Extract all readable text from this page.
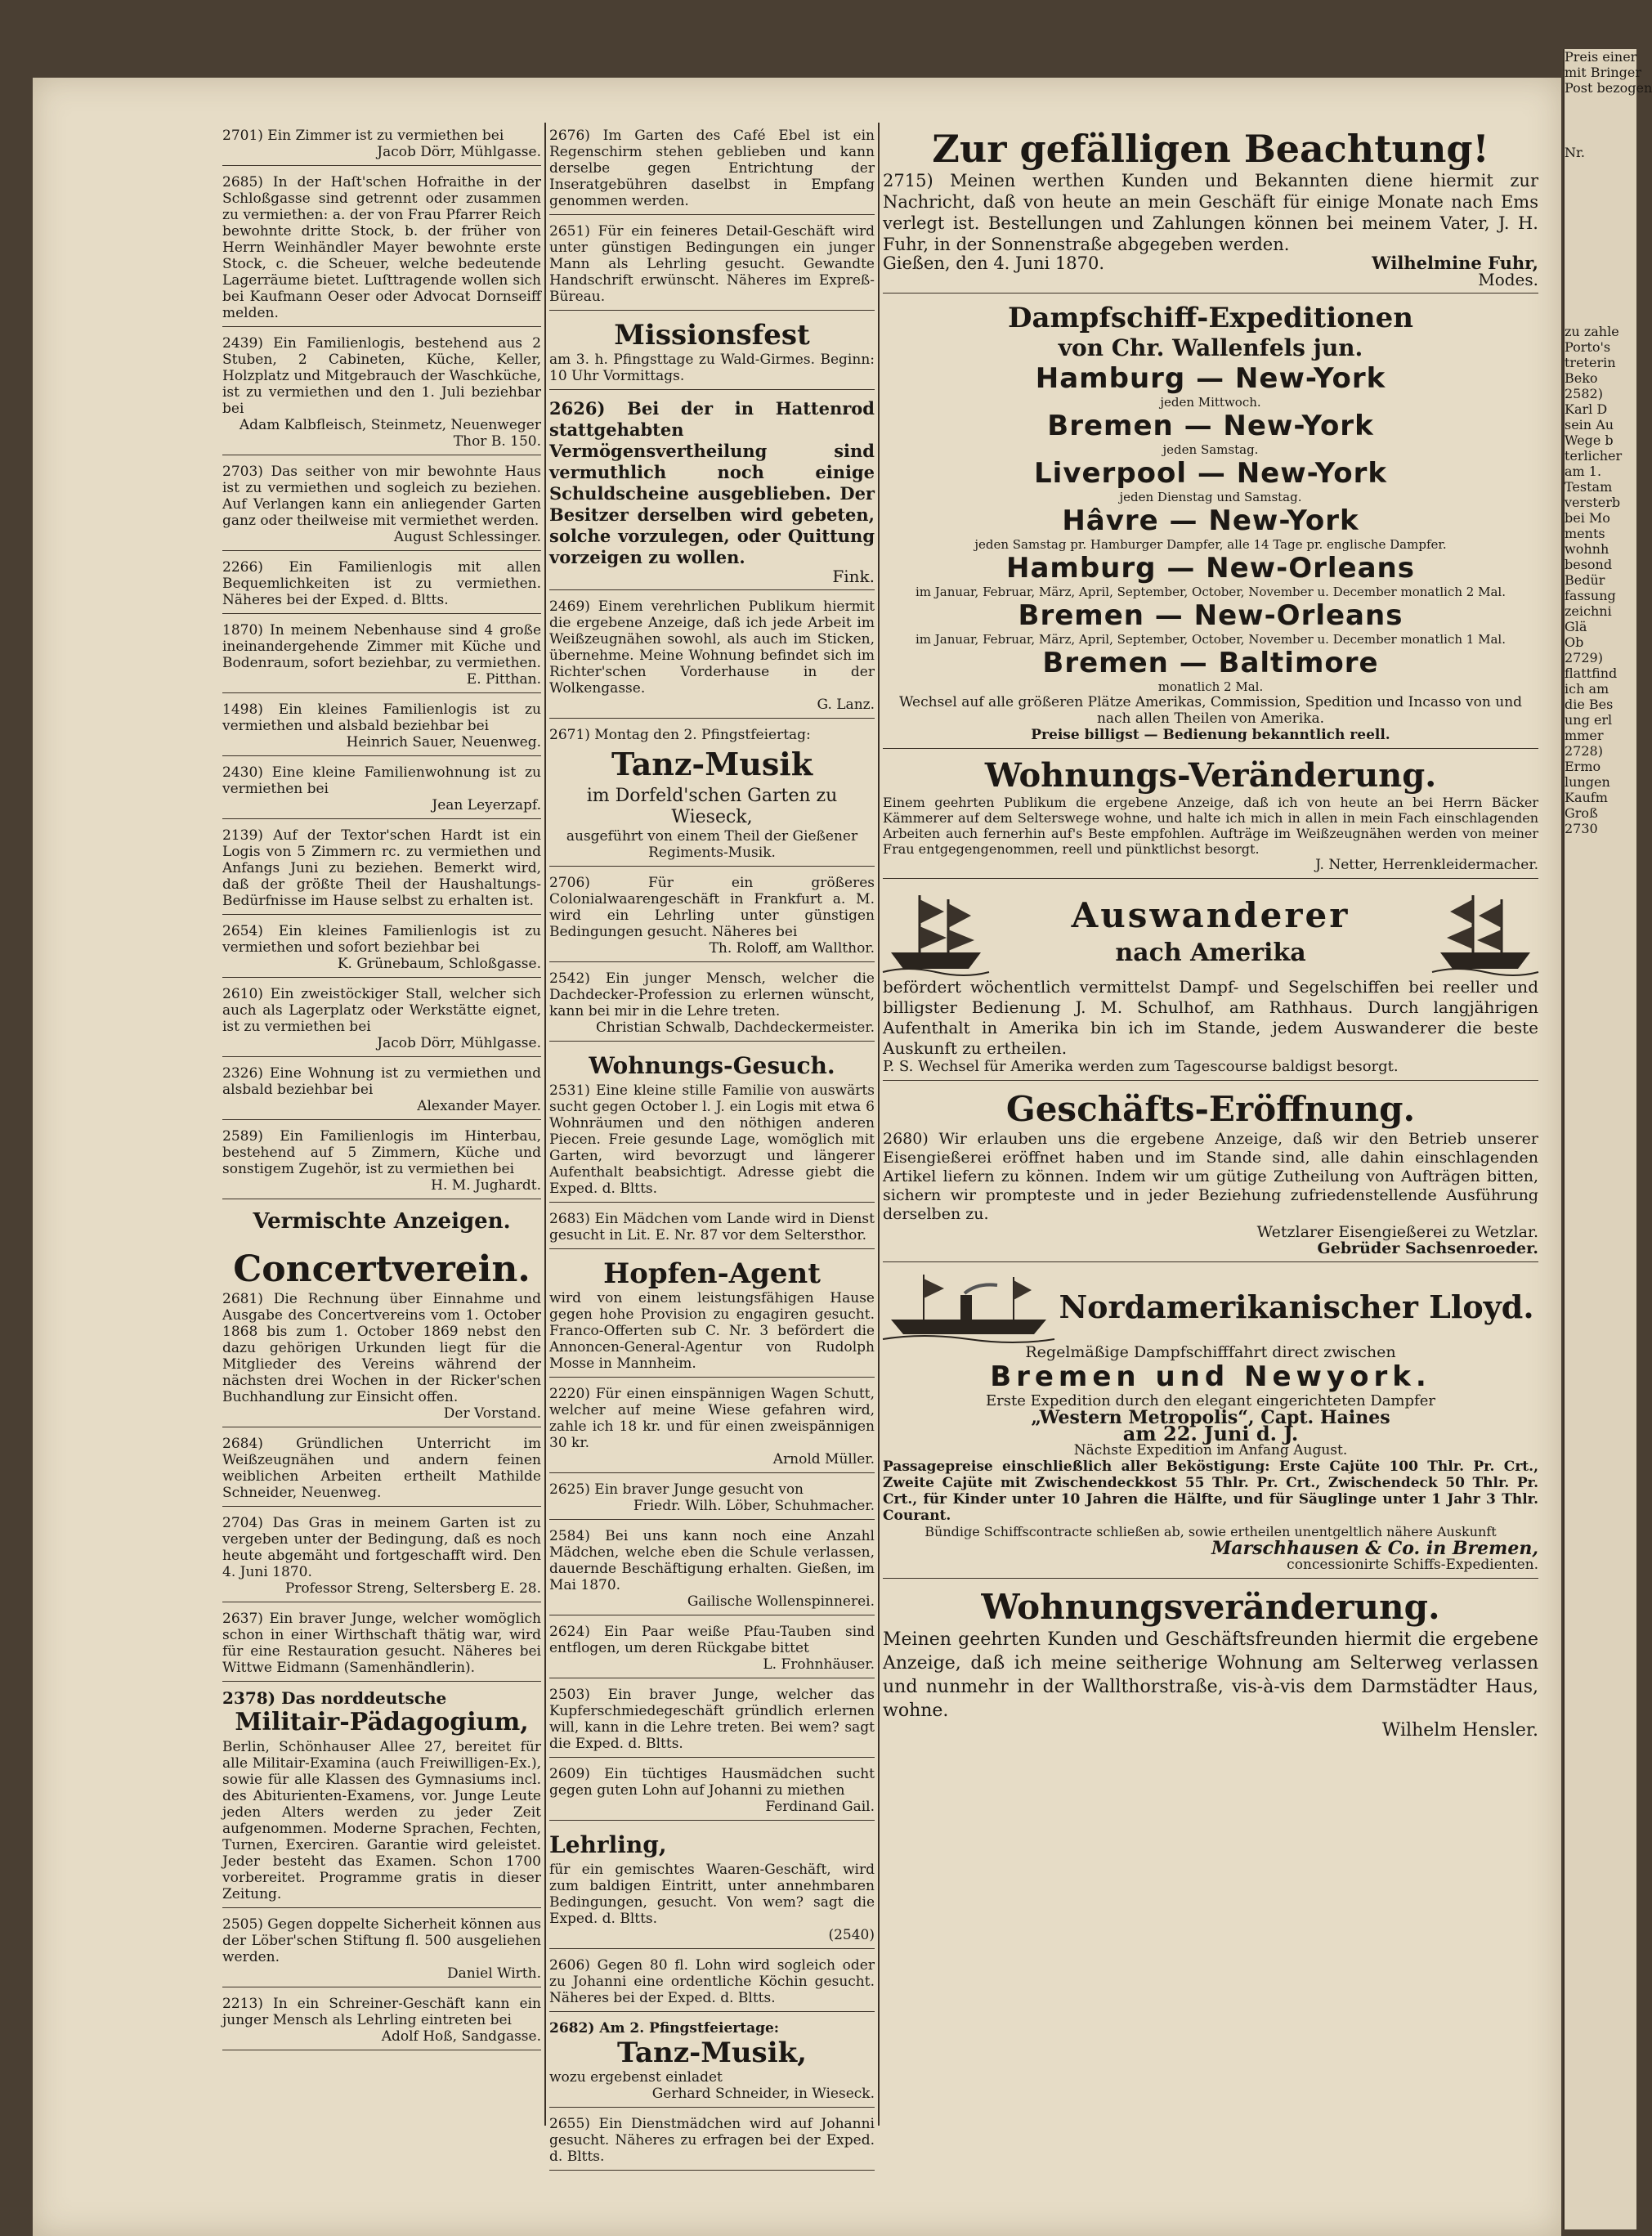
Preis einer
mit Bringer
Post bezogen
Nr.
zu zahle
Porto's
treterin
Beko
2582)
Karl D
sein Au
Wege b
terlicher
am 1.
Testam
versterb
bei Mo
ments
wohnh
besond
Bedür
fassung
zeichni
Glä
Ob
2729)
flattfind
ich am
die Bes
ung erl
mmer
2728)
Ermo
lungen
Kaufm
Groß
2730
2701) Ein Zimmer ist zu vermiethen bei
Jacob Dörr, Mühlgasse.
2685) In der Haſt'schen Hofraithe in der Schloßgasse sind getrennt oder zusammen zu vermiethen: a. der von Frau Pfarrer Reich bewohnte dritte Stock, b. der früher von Herrn Weinhändler Mayer bewohnte erste Stock, c. die Scheuer, welche bedeutende Lagerräume bietet. Luſttragende wollen sich bei Kaufmann Oeser oder Advocat Dornseiff melden.
2439) Ein Familienlogis, bestehend aus 2 Stuben, 2 Cabineten, Küche, Keller, Holzplatz und Mitgebrauch der Waschküche, ist zu vermiethen und den 1. Juli beziehbar bei
Adam Kalbfleisch, Steinmetz, Neuenweger Thor B. 150.
2703) Das seither von mir bewohnte Haus ist zu vermiethen und sogleich zu beziehen. Auf Verlangen kann ein anliegender Garten ganz oder theilweise mit vermiethet werden.
August Schlessinger.
2266) Ein Familienlogis mit allen Bequemlichkeiten ist zu vermiethen. Näheres bei der Exped. d. Bltts.
1870) In meinem Nebenhause sind 4 große ineinandergehende Zimmer mit Küche und Bodenraum, sofort beziehbar, zu vermiethen.
E. Pitthan.
1498) Ein kleines Familienlogis ist zu vermiethen und alsbald beziehbar bei
Heinrich Sauer, Neuenweg.
2430) Eine kleine Familienwohnung ist zu vermiethen bei
Jean Leyerzapf.
2139) Auf der Textor'schen Hardt ist ein Logis von 5 Zimmern rc. zu vermiethen und Anfangs Juni zu beziehen. Bemerkt wird, daß der größte Theil der Haushaltungs-Bedürfnisse im Hause selbst zu erhalten ist.
2654) Ein kleines Familienlogis ist zu vermiethen und sofort beziehbar bei
K. Grünebaum, Schloßgasse.
2610) Ein zweistöckiger Stall, welcher sich auch als Lagerplatz oder Werkstätte eignet, ist zu vermiethen bei
Jacob Dörr, Mühlgasse.
2326) Eine Wohnung ist zu vermiethen und alsbald beziehbar bei
Alexander Mayer.
2589) Ein Familienlogis im Hinterbau, bestehend auf 5 Zimmern, Küche und sonstigem Zugehör, ist zu vermiethen bei
H. M. Jughardt.
Vermischte Anzeigen.
Concertverein.
2681) Die Rechnung über Einnahme und Ausgabe des Concertvereins vom 1. October 1868 bis zum 1. October 1869 nebst den dazu gehörigen Urkunden liegt für die Mitglieder des Vereins während der nächsten drei Wochen in der Ricker'schen Buchhandlung zur Einsicht offen.
Der Vorstand.
2684) Gründlichen Unterricht im Weißzeugnähen und andern feinen weiblichen Arbeiten ertheilt Mathilde Schneider, Neuenweg.
2704) Das Gras in meinem Garten ist zu vergeben unter der Bedingung, daß es noch heute abgemäht und fortgeschafft wird. Den 4. Juni 1870.
Professor Streng, Seltersberg E. 28.
2637) Ein braver Junge, welcher womöglich schon in einer Wirthschaft thätig war, wird für eine Restauration gesucht. Näheres bei Wittwe Eidmann (Samenhändlerin).
2378) Das norddeutsche
Militair-Pädagogium,
Berlin, Schönhauser Allee 27, bereitet für alle Militair-Examina (auch Freiwilligen-Ex.), sowie für alle Klassen des Gymnasiums incl. des Abiturienten-Examens, vor. Junge Leute jeden Alters werden zu jeder Zeit aufgenommen. Moderne Sprachen, Fechten, Turnen, Exerciren. Garantie wird geleistet. Jeder besteht das Examen. Schon 1700 vorbereitet. Programme gratis in dieser Zeitung.
2505) Gegen doppelte Sicherheit können aus der Löber'schen Stiftung fl. 500 ausgeliehen werden.
Daniel Wirth.
2213) In ein Schreiner-Geschäft kann ein junger Mensch als Lehrling eintreten bei
Adolf Hoß, Sandgasse.
2676) Im Garten des Café Ebel ist ein Regenschirm stehen geblieben und kann derselbe gegen Entrichtung der Inseratgebühren daselbst in Empfang genommen werden.
2651) Für ein feineres Detail-Geschäft wird unter günstigen Bedingungen ein junger Mann als Lehrling gesucht. Gewandte Handschrift erwünscht. Näheres im Expreß-Büreau.
Missionsfest
am 3. h. Pfingsttage zu Wald-Girmes. Beginn: 10 Uhr Vormittags.
2626) Bei der in Hattenrod stattgehabten Vermögensvertheilung sind vermuthlich noch einige Schuldscheine ausgeblieben. Der Besitzer derselben wird gebeten, solche vorzulegen, oder Quittung vorzeigen zu wollen.
Fink.
2469) Einem verehrlichen Publikum hiermit die ergebene Anzeige, daß ich jede Arbeit im Weißzeugnähen sowohl, als auch im Sticken, übernehme. Meine Wohnung befindet sich im Richter'schen Vorderhause in der Wolkengasse.
G. Lanz.
2671) Montag den 2. Pfingstfeiertag:
Tanz-Musik
im Dorfeld'schen Garten zu Wieseck,
ausgeführt von einem Theil der Gießener Regiments-Musik.
2706) Für ein größeres Colonialwaarengeschäft in Frankfurt a. M. wird ein Lehrling unter günstigen Bedingungen gesucht. Näheres bei
Th. Roloff, am Wallthor.
2542) Ein junger Mensch, welcher die Dachdecker-Profession zu erlernen wünscht, kann bei mir in die Lehre treten.
Christian Schwalb, Dachdeckermeister.
Wohnungs-Gesuch.
2531) Eine kleine stille Familie von auswärts sucht gegen October l. J. ein Logis mit etwa 6 Wohnräumen und den nöthigen anderen Piecen. Freie gesunde Lage, womöglich mit Garten, wird bevorzugt und längerer Aufenthalt beabsichtigt. Adresse giebt die Exped. d. Bltts.
2683) Ein Mädchen vom Lande wird in Dienst gesucht in Lit. E. Nr. 87 vor dem Seltersthor.
Hopfen-Agent
wird von einem leistungsfähigen Hause gegen hohe Provision zu engagiren gesucht. Franco-Offerten sub C. Nr. 3 befördert die Annoncen-General-Agentur von Rudolph Mosse in Mannheim.
2220) Für einen einspännigen Wagen Schutt, welcher auf meine Wiese gefahren wird, zahle ich 18 kr. und für einen zweispännigen 30 kr.
Arnold Müller.
2625) Ein braver Junge gesucht von
Friedr. Wilh. Löber, Schuhmacher.
2584) Bei uns kann noch eine Anzahl Mädchen, welche eben die Schule verlassen, dauernde Beschäftigung erhalten. Gießen, im Mai 1870.
Gailische Wollenspinnerei.
2624) Ein Paar weiße Pfau-Tauben sind entflogen, um deren Rückgabe bittet
L. Frohnhäuser.
2503) Ein braver Junge, welcher das Kupferschmiedegeschäft gründlich erlernen will, kann in die Lehre treten. Bei wem? sagt die Exped. d. Bltts.
2609) Ein tüchtiges Hausmädchen sucht gegen guten Lohn auf Johanni zu miethen
Ferdinand Gail.
Lehrling,
für ein gemischtes Waaren-Geschäft, wird zum baldigen Eintritt, unter annehmbaren Bedingungen, gesucht. Von wem? sagt die Exped. d. Bltts.
(2540)
2606) Gegen 80 fl. Lohn wird sogleich oder zu Johanni eine ordentliche Köchin gesucht. Näheres bei der Exped. d. Bltts.
2682) Am 2. Pfingstfeiertage:
Tanz-Musik,
wozu ergebenst einladet
Gerhard Schneider, in Wieseck.
2655) Ein Dienstmädchen wird auf Johanni gesucht. Näheres zu erfragen bei der Exped. d. Bltts.
Zur gefälligen Beachtung!
2715) Meinen werthen Kunden und Bekannten diene hiermit zur Nachricht, daß von heute an mein Geschäft für einige Monate nach Ems verlegt ist. Bestellungen und Zahlungen können bei meinem Vater, J. H. Fuhr, in der Sonnenstraße abgegeben werden.
Gießen, den 4. Juni 1870.	Wilhelmine Fuhr,
Modes.
Dampfschiff-Expeditionen
von Chr. Wallenfels jun.
Hamburg — New-York
jeden Mittwoch.
Bremen — New-York
jeden Samstag.
Liverpool — New-York
jeden Dienstag und Samstag.
Hâvre — New-York
jeden Samstag pr. Hamburger Dampfer, alle 14 Tage pr. englische Dampfer.
Hamburg — New-Orleans
im Januar, Februar, März, April, September, October, November u. December monatlich 2 Mal.
Bremen — New-Orleans
im Januar, Februar, März, April, September, October, November u. December monatlich 1 Mal.
Bremen — Baltimore
monatlich 2 Mal.
Wechsel auf alle größeren Plätze Amerikas, Commission, Spedition und Incasso von und nach allen Theilen von Amerika.
Preise billigst — Bedienung bekanntlich reell.
Wohnungs-Veränderung.
Einem geehrten Publikum die ergebene Anzeige, daß ich von heute an bei Herrn Bäcker Kämmerer auf dem Selterswege wohne, und halte ich mich in allen in mein Fach einschlagenden Arbeiten auch fernerhin auf's Beste empfohlen. Aufträge im Weißzeugnähen werden von meiner Frau entgegengenommen, reell und pünktlichst besorgt.
J. Netter, Herrenkleidermacher.
Auswanderer
nach Amerika
befördert wöchentlich vermittelst Dampf- und Segelschiffen bei reeller und billigster Bedienung J. M. Schulhof, am Rathhaus. Durch langjährigen Aufenthalt in Amerika bin ich im Stande, jedem Auswanderer die beste Auskunft zu ertheilen.
P. S. Wechsel für Amerika werden zum Tagescourse baldigst besorgt.
Geschäfts-Eröffnung.
2680) Wir erlauben uns die ergebene Anzeige, daß wir den Betrieb unserer Eisengießerei eröffnet haben und im Stande sind, alle dahin einschlagenden Artikel liefern zu können. Indem wir um gütige Zutheilung von Aufträgen bitten, sichern wir prompteste und in jeder Beziehung zufriedenstellende Ausführung derselben zu.
Wetzlarer Eisengießerei zu Wetzlar.
Gebrüder Sachsenroeder.
Nordamerikanischer Lloyd.
Regelmäßige Dampfschifffahrt direct zwischen
Bremen und Newyork.
Erste Expedition durch den elegant eingerichteten Dampfer
„Western Metropolis“, Capt. Haines
am 22. Juni d. J.
Nächste Expedition im Anfang August.
Passagepreise einschließlich aller Beköstigung: Erste Cajüte 100 Thlr. Pr. Crt., Zweite Cajüte mit Zwischendeckkost 55 Thlr. Pr. Crt., Zwischendeck 50 Thlr. Pr. Crt., für Kinder unter 10 Jahren die Hälfte, und für Säuglinge unter 1 Jahr 3 Thlr. Courant.
Bündige Schiffscontracte schließen ab, sowie ertheilen unentgeltlich nähere Auskunft
Marschhausen & Co. in Bremen,
concessionirte Schiffs-Expedienten.
Wohnungsveränderung.
Meinen geehrten Kunden und Geschäftsfreunden hiermit die ergebene Anzeige, daß ich meine seitherige Wohnung am Selterweg verlassen und nunmehr in der Wallthorstraße, vis-à-vis dem Darmstädter Haus, wohne.
Wilhelm Hensler.
